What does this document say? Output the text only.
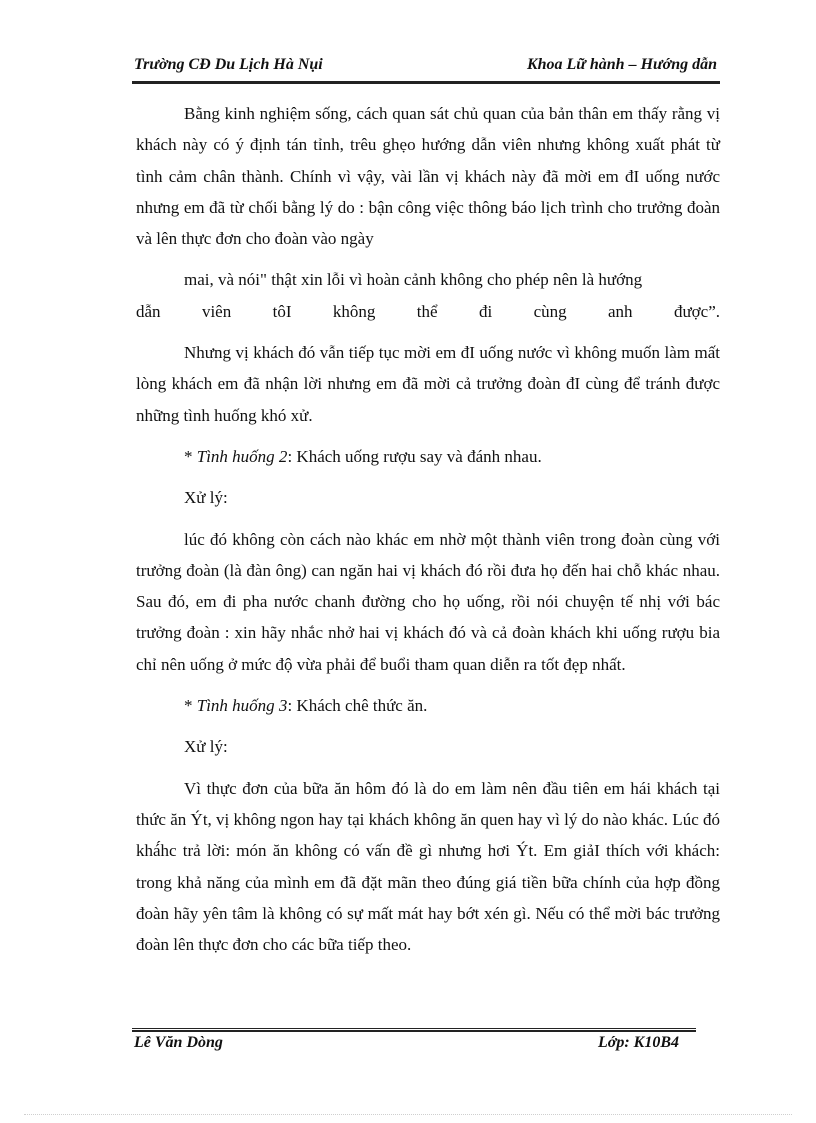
Trường CĐ Du Lịch Hà Nụi	Khoa Lữ hành – Hướng dẫn

Bằng kinh nghiệm sống, cách quan sát chủ quan của bản thân em thấy rằng vị khách này có ý định tán tỉnh, trêu ghẹo hướng dẫn viên nhưng không xuất phát từ tình cảm chân thành. Chính vì vậy, vài lần vị khách này đã mời em đI uống nước nhưng em đã từ chối bằng lý do : bận công việc thông báo lịch trình cho trưởng đoàn và lên thực đơn cho đoàn vào ngày

mai, và nói" thật xin lỗi vì hoàn cảnh không cho phép nên là hướng

dẫn viên tôI không thể đi cùng anh được”.

Nhưng vị khách đó vẫn tiếp tục mời em đI uống nước vì không muốn làm mất lòng khách em đã nhận lời nhưng em đã mời cả trưởng đoàn đI cùng để tránh được những tình huống khó xử.

* Tình huống 2: Khách uống rượu say và đánh nhau.

Xử lý:

lúc đó không còn cách nào khác em nhờ một thành viên trong đoàn cùng với trưởng đoàn (là đàn ông) can ngăn hai vị khách đó rồi đưa họ đến hai chỗ khác nhau. Sau đó, em đi pha nước chanh đường cho họ uống, rồi nói chuyện tế nhị với bác trưởng đoàn : xin hãy nhắc nhở hai vị khách đó và cả đoàn khách khi uống rượu bia chỉ nên uống ở mức độ vừa phải để buổi tham quan diễn ra tốt đẹp nhất.

* Tình huống 3: Khách chê thức ăn.

Xử lý:

Vì thực đơn của bữa ăn hôm đó là do em làm nên đầu tiên em hái khách tại thức ăn Ýt, vị không ngon hay tại khách không ăn quen hay vì lý do nào khác. Lúc đó khá́hc trả lời: món ăn không có vấn đề gì nhưng hơi Ýt. Em giảI thích với khách: trong khả năng của mình em đã đặt mãn theo đúng giá tiền bữa chính của hợp đồng đoàn hãy yên tâm là không có sự mất mát hay bớt xén gì. Nếu có thể mời bác trưởng đoàn lên thực đơn cho các bữa tiếp theo.

Lê Văn Dòng	Lớp: K10B4
